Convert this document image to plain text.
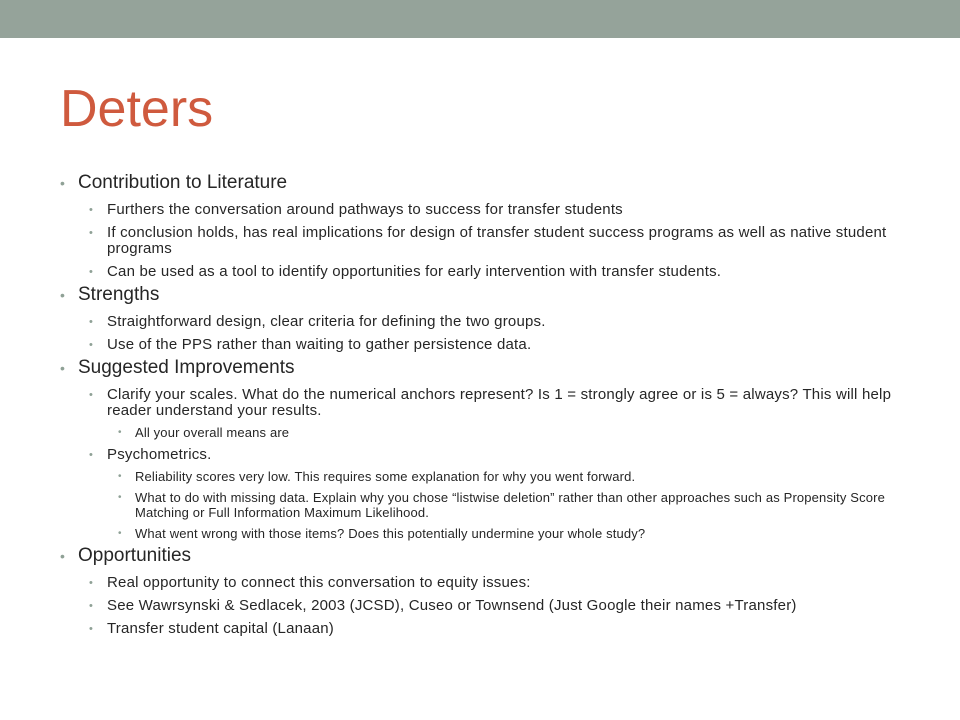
Deters
• Contribution to Literature
• Furthers the conversation around pathways to success for transfer students
• If conclusion holds, has real implications for design of transfer student success programs as well as native student programs
• Can be used as a tool to identify opportunities for early intervention with transfer students.
• Strengths
• Straightforward design, clear criteria for defining the two groups.
• Use of the PPS rather than waiting to gather persistence data.
• Suggested Improvements
• Clarify your scales. What do the numerical anchors represent? Is 1 = strongly agree or is 5 = always? This will help reader understand your results.
• All your overall means are
• Psychometrics.
• Reliability scores very low. This requires some explanation for why you went forward.
• What to do with missing data. Explain why you chose “listwise deletion” rather than other approaches such as Propensity Score Matching or Full Information Maximum Likelihood.
• What went wrong with those items? Does this potentially undermine your whole study?
• Opportunities
• Real opportunity to connect this conversation to equity issues:
• See Wawrsynski & Sedlacek, 2003 (JCSD), Cuseo or Townsend (Just Google their names +Transfer)
• Transfer student capital (Lanaan)
